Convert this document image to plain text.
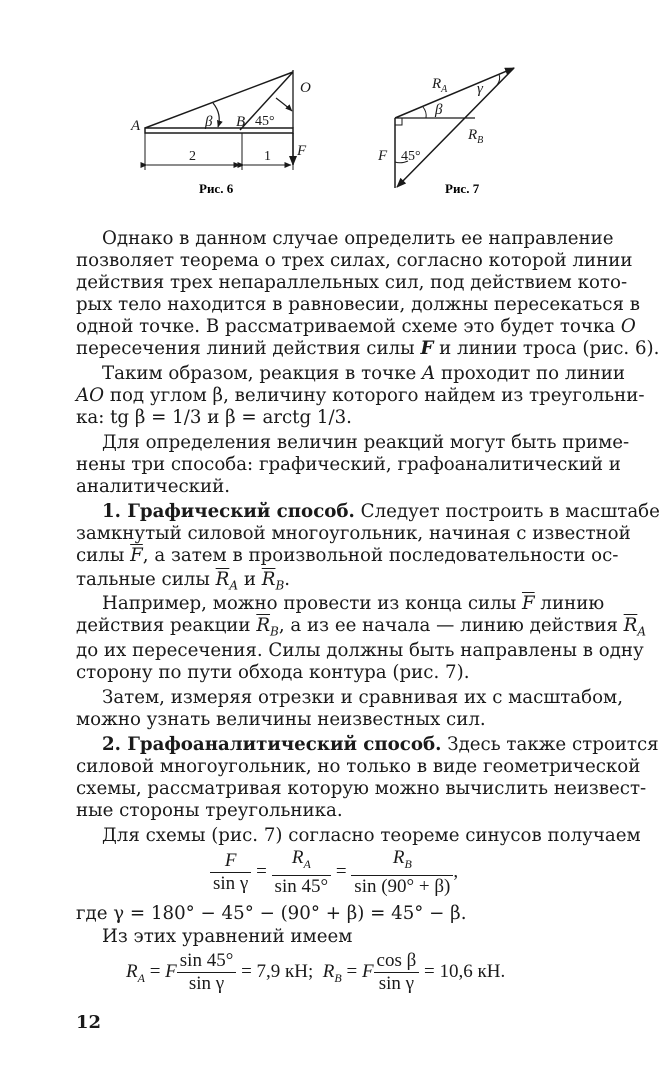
A
O
β B 45°
F
2	1
Рис. 6
$R_A$ γ
β
$R_B$
F 45°
Рис. 7
Однако в данном случае определить ее направление
позволяет теорема о трех силах, согласно которой линии
действия трех непараллельных сил, под действием кото-
рых тело находится в равновесии, должны пересекаться в
одной точке. В рассматриваемой схеме это будет точка O
пересечения линий действия силы F и линии троса (рис. 6).
Таким образом, реакция в точке A проходит по линии
AO под углом β, величину которого найдем из треугольни-
ка: tg β = 1/3 и β = arctg 1/3.
Для определения величин реакций могут быть приме-
нены три способа: графический, графоаналитический и
аналитический.
1. Графический способ. Следует построить в масштабе
замкнутый силовой многоугольник, начиная с известной
силы $\overline{F}$, а затем в произвольной последовательности ос-
тальные силы $\overline{R}_A$ и $\overline{R}_B$.
Например, можно провести из конца силы $\overline{F}$ линию
действия реакции $\overline{R}_B$, а из ее начала — линию действия $\overline{R}_A$
до их пересечения. Силы должны быть направлены в одну
сторону по пути обхода контура (рис. 7).
Затем, измеряя отрезки и сравнивая их с масштабом,
можно узнать величины неизвестных сил.
2. Графоаналитический способ. Здесь также строится
силовой многоугольник, но только в виде геометрической
схемы, рассматривая которую можно вычислить неизвест-
ные стороны треугольника.
Для схемы (рис. 7) согласно теореме синусов получаем
$\frac{F}{\text{sin γ}} = \frac{R_A}{\sin 45^\circ} = \frac{R_B}{\sin (90^\circ + \beta)}$ ,
где γ = 180° − 45° − (90° + β) = 45° − β.
Из этих уравнений имеем
$R_A = F \frac{\sin 45^\circ}{\text{sin γ}} = 7,9$ кН; $R_B = F \frac{\text{cos β}}{\text{sin γ}} = 10,6$ кН.
12
